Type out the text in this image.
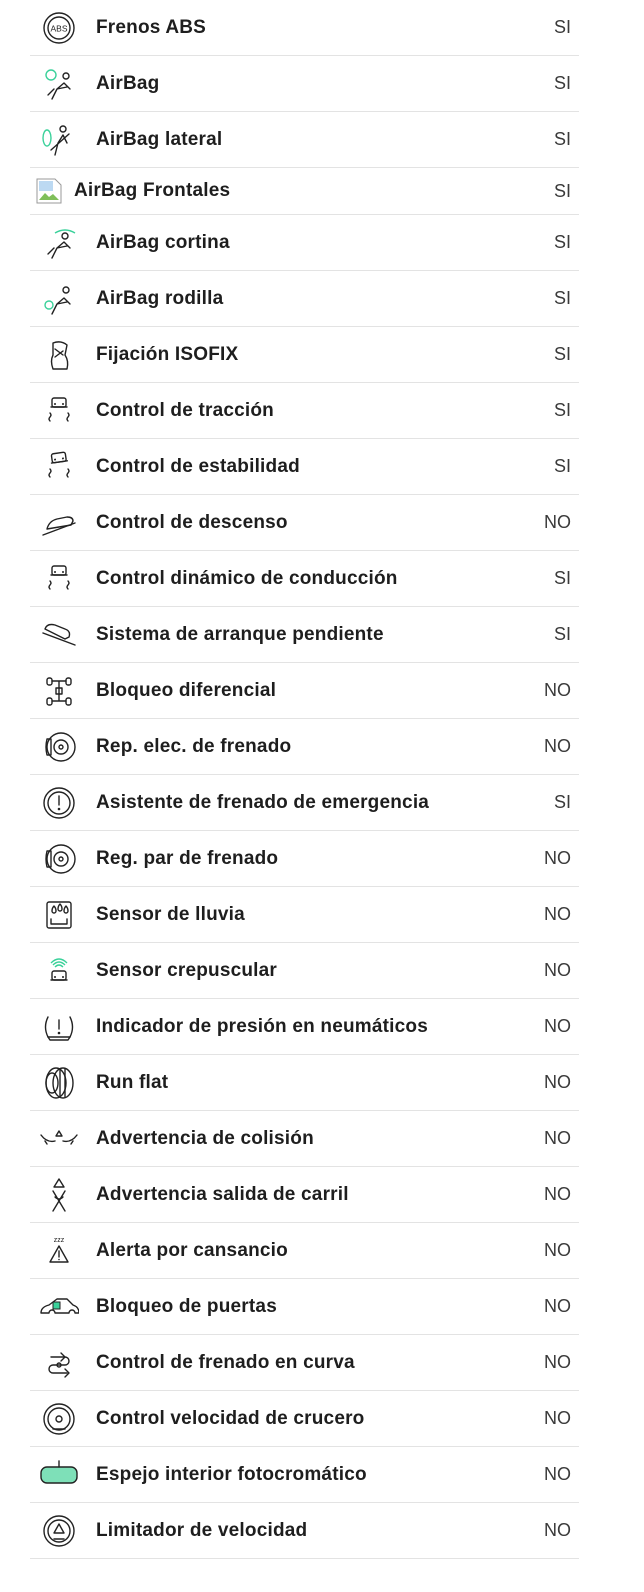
ABS Frenos ABS	SI
AirBag	SI
AirBag lateral	SI
AirBag Frontales	SI
AirBag cortina	SI
AirBag rodilla	SI
Fijación ISOFIX	SI
Control de tracción	SI
Control de estabilidad	SI
Control de descenso	NO
Control dinámico de conducción	SI
Sistema de arranque pendiente	SI
Bloqueo diferencial	NO
Rep. elec. de frenado	NO
Asistente de frenado de emergencia	SI
Reg. par de frenado	NO
Sensor de lluvia	NO
Sensor crepuscular	NO
Indicador de presión en neumáticos	NO
Run flat	NO
Advertencia de colisión	NO
Advertencia salida de carril	NO
zzz Alerta por cansancio	NO
Bloqueo de puertas	NO
Control de frenado en curva	NO
Control velocidad de crucero	NO
Espejo interior fotocromático	NO
Limitador de velocidad	NO
